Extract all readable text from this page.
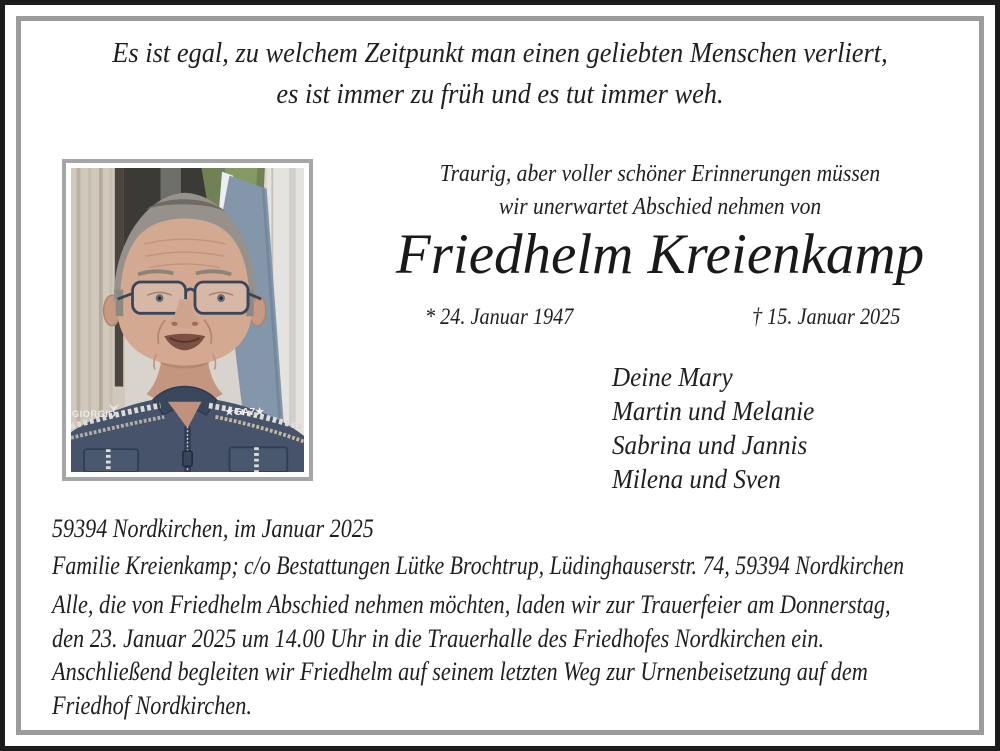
Es ist egal, zu welchem Zeitpunkt man einen geliebten Menschen verliert,
es ist immer zu früh und es tut immer weh.
GIORGIO	★GA7★
Traurig, aber voller schöner Erinnerungen müssen
wir unerwartet Abschied nehmen von
Friedhelm Kreienkamp
* 24. Januar 1947	† 15. Januar 2025
Deine Mary
Martin und Melanie
Sabrina und Jannis
Milena und Sven
59394 Nordkirchen, im Januar 2025
Familie Kreienkamp; c/o Bestattungen Lütke Brochtrup, Lüdinghauserstr. 74, 59394 Nordkirchen
Alle, die von Friedhelm Abschied nehmen möchten, laden wir zur Trauerfeier am Donnerstag,
den 23. Januar 2025 um 14.00 Uhr in die Trauerhalle des Friedhofes Nordkirchen ein.
Anschließend begleiten wir Friedhelm auf seinem letzten Weg zur Urnenbeisetzung auf dem
Friedhof Nordkirchen.
